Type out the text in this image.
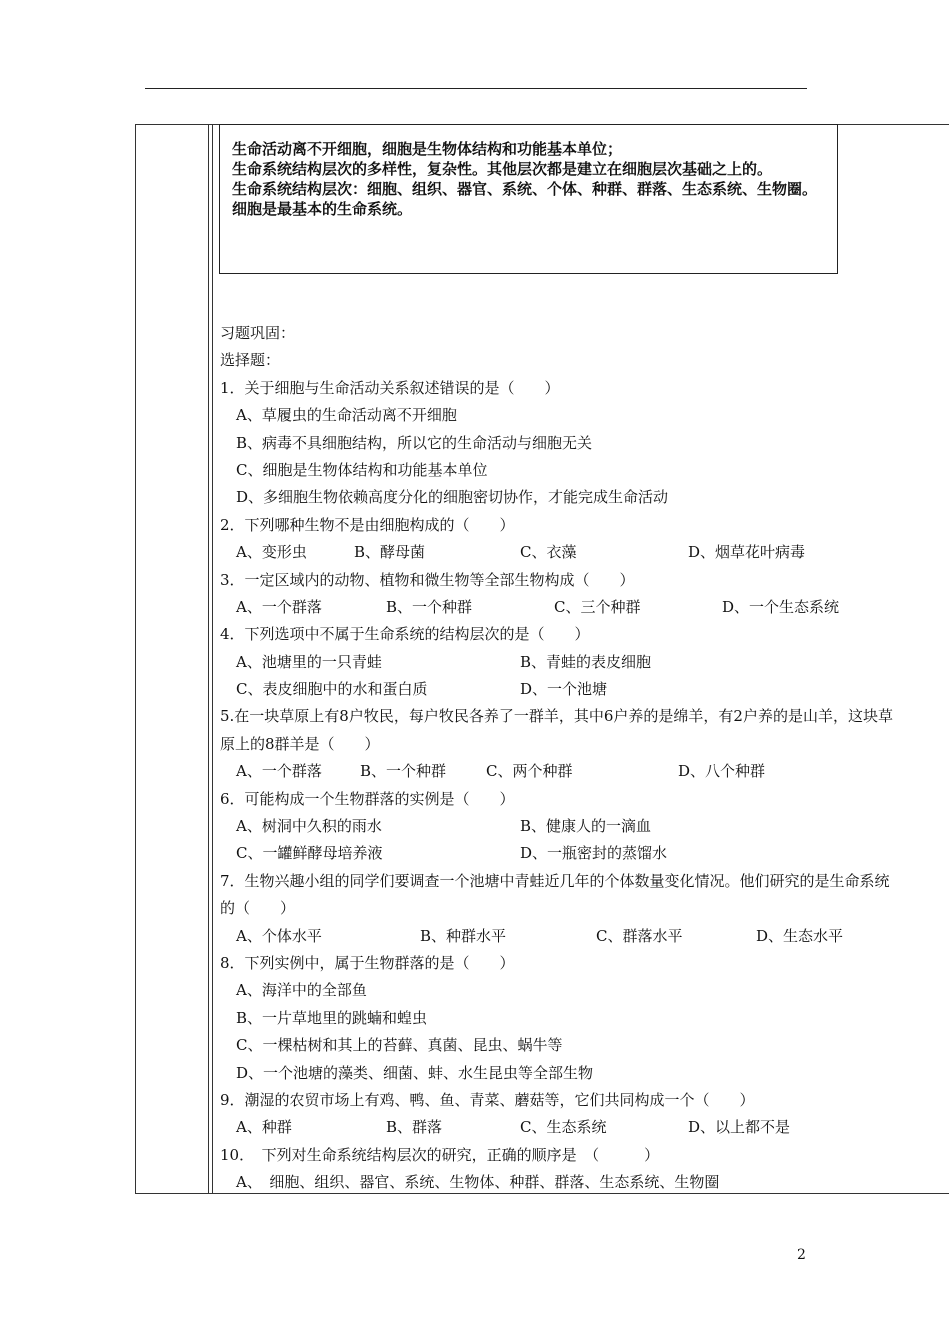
生命活动离不开细胞，细胞是生物体结构和功能基本单位；
生命系统结构层次的多样性，复杂性。其他层次都是建立在细胞层次基础之上的。
生命系统结构层次：细胞、组织、器官、系统、个体、种群、群落、生态系统、生物圈。
细胞是最基本的生命系统。
习题巩固：
选择题：
1．关于细胞与生命活动关系叙述错误的是（　　）
A、草履虫的生命活动离不开细胞
B、病毒不具细胞结构，所以它的生命活动与细胞无关
C、细胞是生物体结构和功能基本单位
D、多细胞生物依赖高度分化的细胞密切协作，才能完成生命活动
2．下列哪种生物不是由细胞构成的（　　）
A、变形虫	B、酵母菌	C、衣藻	D、烟草花叶病毒
3．一定区域内的动物、植物和微生物等全部生物构成（　　）
A、一个群落	B、一个种群	C、三个种群	D、一个生态系统
4．下列选项中不属于生命系统的结构层次的是（　　）
A、池塘里的一只青蛙	B、青蛙的表皮细胞
C、表皮细胞中的水和蛋白质	D、一个池塘
5.在一块草原上有8户牧民，每户牧民各养了一群羊，其中6户养的是绵羊，有2户养的是山羊，这块草
原上的8群羊是（　　）
A、一个群落	B、一个种群	C、两个种群	D、八个种群
6．可能构成一个生物群落的实例是（　　）
A、树洞中久积的雨水	B、健康人的一滴血
C、一罐鲜酵母培养液	D、一瓶密封的蒸馏水
7．生物兴趣小组的同学们要调查一个池塘中青蛙近几年的个体数量变化情况。他们研究的是生命系统
的（　　）
A、个体水平	B、种群水平	C、群落水平	D、生态水平
8．下列实例中，属于生物群落的是（　　）
A、海洋中的全部鱼
B、一片草地里的跳蝻和蝗虫
C、一棵枯树和其上的苔藓、真菌、昆虫、蜗牛等
D、一个池塘的藻类、细菌、蚌、水生昆虫等全部生物
9．潮湿的农贸市场上有鸡、鸭、鱼、青菜、蘑菇等，它们共同构成一个（　　）
A、种群	B、群落	C、生态系统	D、以上都不是
10．　下列对生命系统结构层次的研究，正确的顺序是　（　　　）
A、　细胞、组织、器官、系统、生物体、种群、群落、生态系统、生物圈
2
